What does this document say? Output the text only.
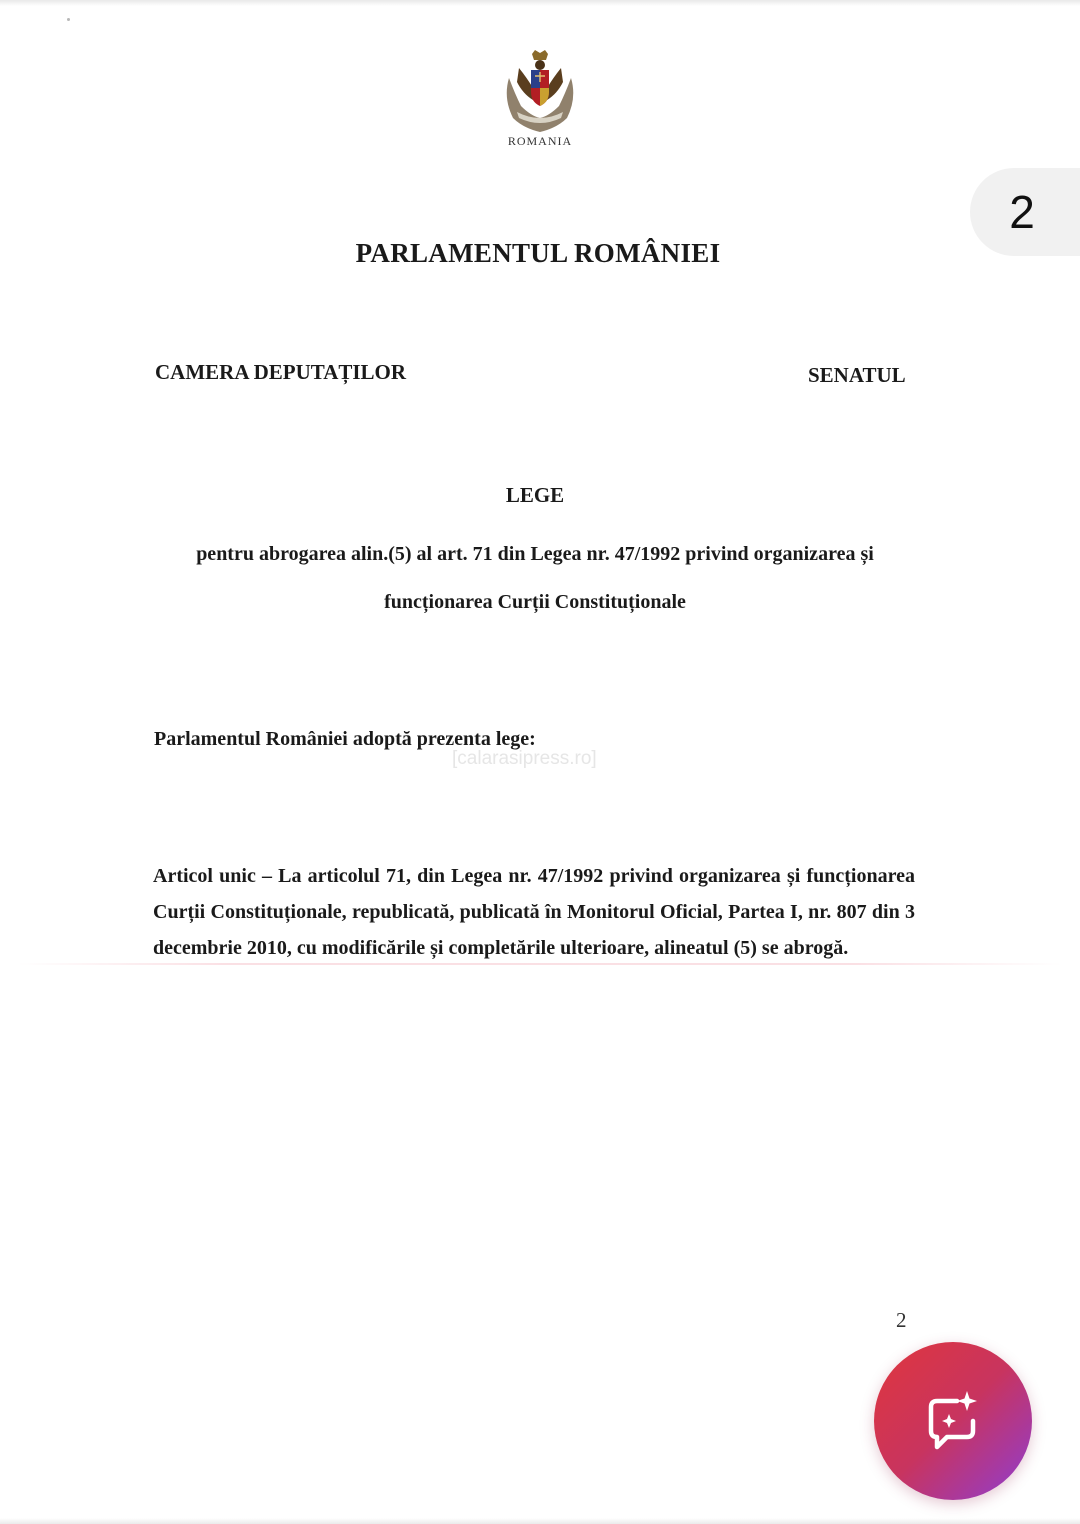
ROMANIA
2
PARLAMENTUL ROMÂNIEI
CAMERA DEPUTAȚILOR	SENATUL
LEGE
pentru abrogarea alin.(5) al art. 71 din Legea nr. 47/1992 privind organizarea și funcționarea Curții Constituționale
Parlamentul României adoptă prezenta lege:
[calarasipress.ro]
Articol unic – La articolul 71, din Legea nr. 47/1992 privind organizarea și funcționarea Curții Constituționale, republicată, publicată în Monitorul Oficial, Partea I, nr. 807 din 3 decembrie 2010, cu modificările și completările ulterioare, alineatul (5) se abrogă.
2
